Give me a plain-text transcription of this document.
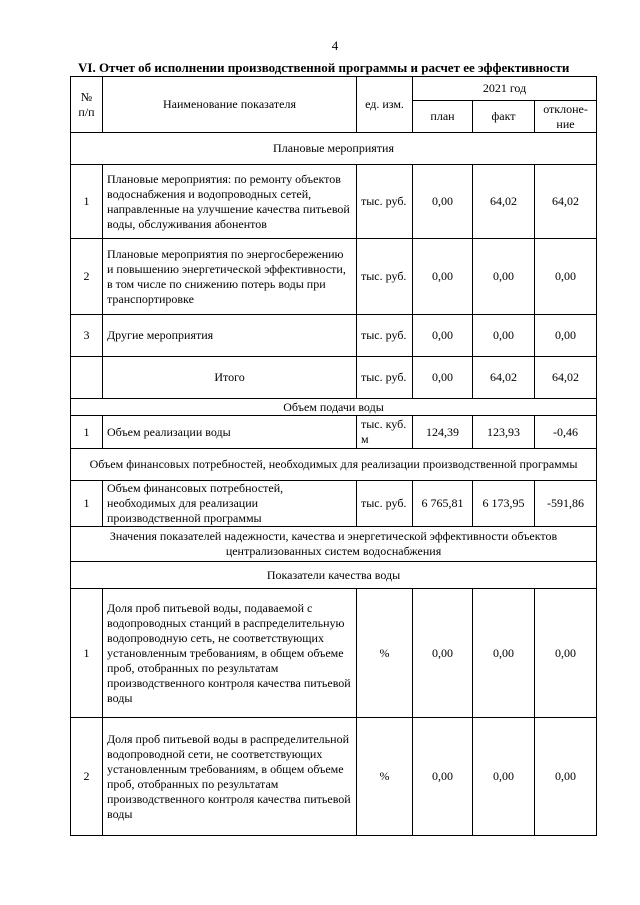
4
VI. Отчет об исполнении производственной программы и расчет ее эффективности
№
п/п	Наименование показателя	ед. изм.	2021 год		
			план	факт	отклоне-
ние
Плановые мероприятия					
1	Плановые мероприятия: по ремонту объектов водоснабжения и водопроводных сетей, направленные на улучшение качества питьевой воды, обслуживания абонентов	тыс. руб.	0,00	64,02	64,02
2	Плановые мероприятия по энергосбережению и повышению энергетической эффективности, в том числе по снижению потерь воды при транспортировке	тыс. руб.	0,00	0,00	0,00
3	Другие мероприятия	тыс. руб.	0,00	0,00	0,00
	Итого	тыс. руб.	0,00	64,02	64,02
Объем подачи воды					
1	Объем реализации воды	тыс. куб. м	124,39	123,93	-0,46
Объем финансовых потребностей, необходимых для реализации производственной программы					
1	Объем финансовых потребностей, необходимых для реализации производственной программы	тыс. руб.	6 765,81	6 173,95	-591,86
Значения показателей надежности, качества и энергетической эффективности объектов централизованных систем водоснабжения					
Показатели качества воды					
1	Доля проб питьевой воды, подаваемой с водопроводных станций в распределительную водопроводную сеть, не соответствующих установленным требованиям, в общем объеме проб, отобранных по результатам производственного контроля качества питьевой воды	%	0,00	0,00	0,00
2	Доля проб питьевой воды в распределительной водопроводной сети, не соответствующих установленным требованиям, в общем объеме проб, отобранных по результатам производственного контроля качества питьевой воды	%	0,00	0,00	0,00
